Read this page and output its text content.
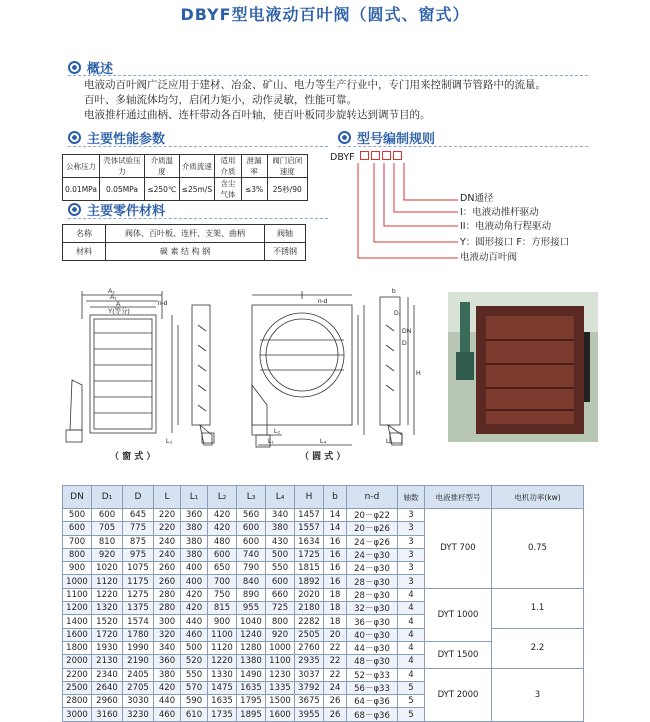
DBYF型电液动百叶阀（圆式、窗式）
概述
电液动百叶阀广泛应用于建材、冶金、矿山、电力等生产行业中，专门用来控制调节管路中的流量。
百叶、多轴流体均匀，启闭力矩小，动作灵敏，性能可靠。
电液推杆通过曲柄、连杆带动各百叶轴，使百叶板同步旋转达到调节目的。
主要性能参数
公称压力	壳体试验压力	介质温度	介质流速	适用介质	泄漏率	阀门启闭速度
0.01MPa	0.05MPa	≤250℃	≤25m/S	含尘气体	≤3%	25秒/90
型号编制规则
DBYF
DN通径
I：电液动推杆驱动
II：电液动角行程驱动
Y：圆形接口 F：方形接口
电液动百叶阀
主要零件材料
名称	阀体、百叶板、连杆、支架、曲柄	阀轴
材料	碳 素 结 构 钢	不锈钢
A₂
A₁
A
Y(等分)
n-d	n-d
L₂
L₁	L₄	L
L₃
H
D
D₁
DN
b
（ 窗 式 ）	（ 圆 式 ）
DN	D₁	D	L	L₁	L₂	L₃	L₄	H	b	n-d	轴数	电液推杆型号	电机功率(kw)
500	600	645	220	360	420	560	340	1457	14	20－φ22	3	DYT 700	0.75
600	705	775	220	380	420	600	380	1557	14	20－φ26	3		
700	810	875	240	380	480	600	430	1634	16	24－φ26	3		
800	920	975	240	380	600	740	500	1725	16	24－φ30	3		
900	1020	1075	260	400	650	790	550	1815	16	24－φ30	3		
1000	1120	1175	260	400	700	840	600	1892	16	28－φ30	3		
1100	1220	1275	280	420	750	890	660	2020	18	28－φ30	4	DYT 1000	1.1
1200	1320	1375	280	420	815	955	725	2180	18	32－φ30	4		
1400	1520	1574	300	440	900	1040	800	2282	18	36－φ30	4		
1600	1720	1780	320	460	1100	1240	920	2505	20	40－φ30	4		2.2
1800	1930	1990	340	500	1120	1280	1000	2760	22	44－φ30	4	DYT 1500	
2000	2130	2190	360	520	1220	1380	1100	2935	22	48－φ30	4		
2200	2340	2405	380	550	1330	1490	1230	3037	22	52－φ33	4	DYT 2000	3
2500	2640	2705	420	570	1475	1635	1335	3792	24	56－φ33	5		
2800	2960	3030	440	590	1635	1795	1500	3675	26	64－φ36	5		
3000	3160	3230	460	610	1735	1895	1600	3955	26	68－φ36	5		
